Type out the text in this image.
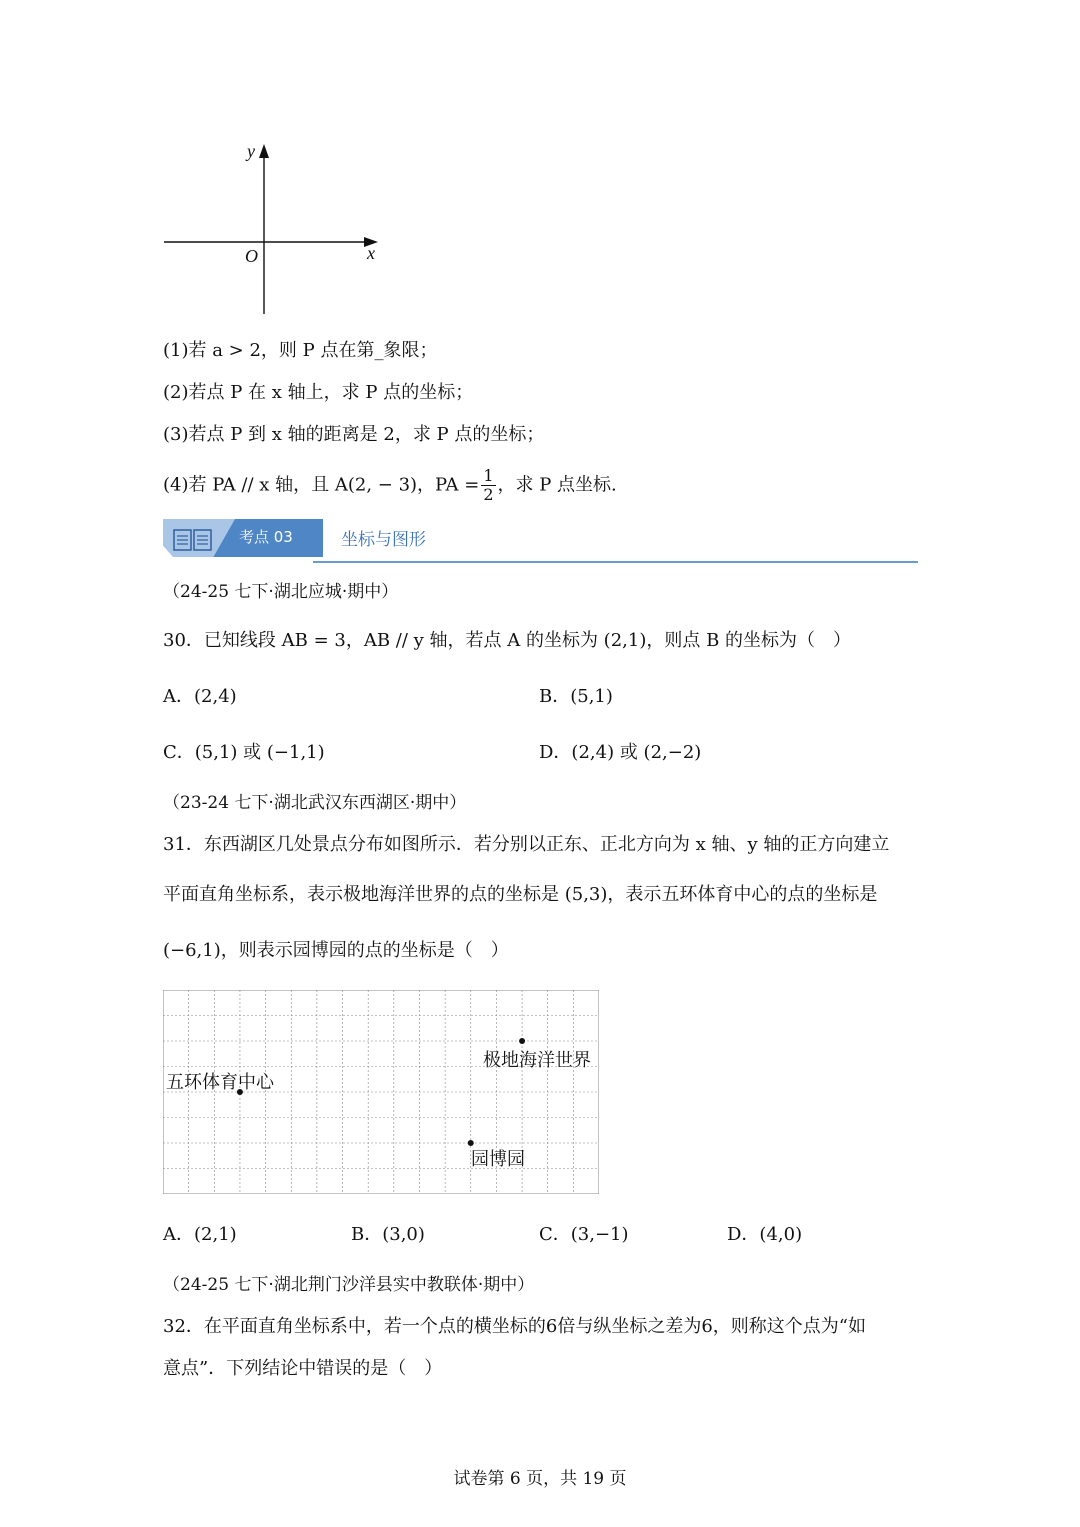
y
x
O
(1)若 a > 2，则 P 点在第_象限；
(2)若点 P 在 x 轴上，求 P 点的坐标；
(3)若点 P 到 x 轴的距离是 2，求 P 点的坐标；
(4)若 PA // x 轴，且 A(2, − 3)，PA = $\frac{1}{2}$ ，求 P 点坐标.
考点 03	坐标与图形
（24-25 七下·湖北应城·期中）
30．已知线段 AB = 3，AB // y 轴，若点 A 的坐标为 (2,1)，则点 B 的坐标为（　）
A．(2,4)	B．(5,1)
C．(5,1) 或 (−1,1)	D．(2,4) 或 (2,−2)
（23-24 七下·湖北武汉东西湖区·期中）
31．东西湖区几处景点分布如图所示．若分别以正东、正北方向为 x 轴、y 轴的正方向建立
平面直角坐标系，表示极地海洋世界的点的坐标是 (5,3)，表示五环体育中心的点的坐标是
(−6,1)，则表示园博园的点的坐标是（　）
极地海洋世界
五环体育中心
园博园
A．(2,1)	B．(3,0)	C．(3,−1)	D．(4,0)
（24-25 七下·湖北荆门沙洋县实中教联体·期中）
32．在平面直角坐标系中，若一个点的横坐标的6倍与纵坐标之差为6，则称这个点为“如
意点”．下列结论中错误的是（　）
试卷第 6 页，共 19 页
